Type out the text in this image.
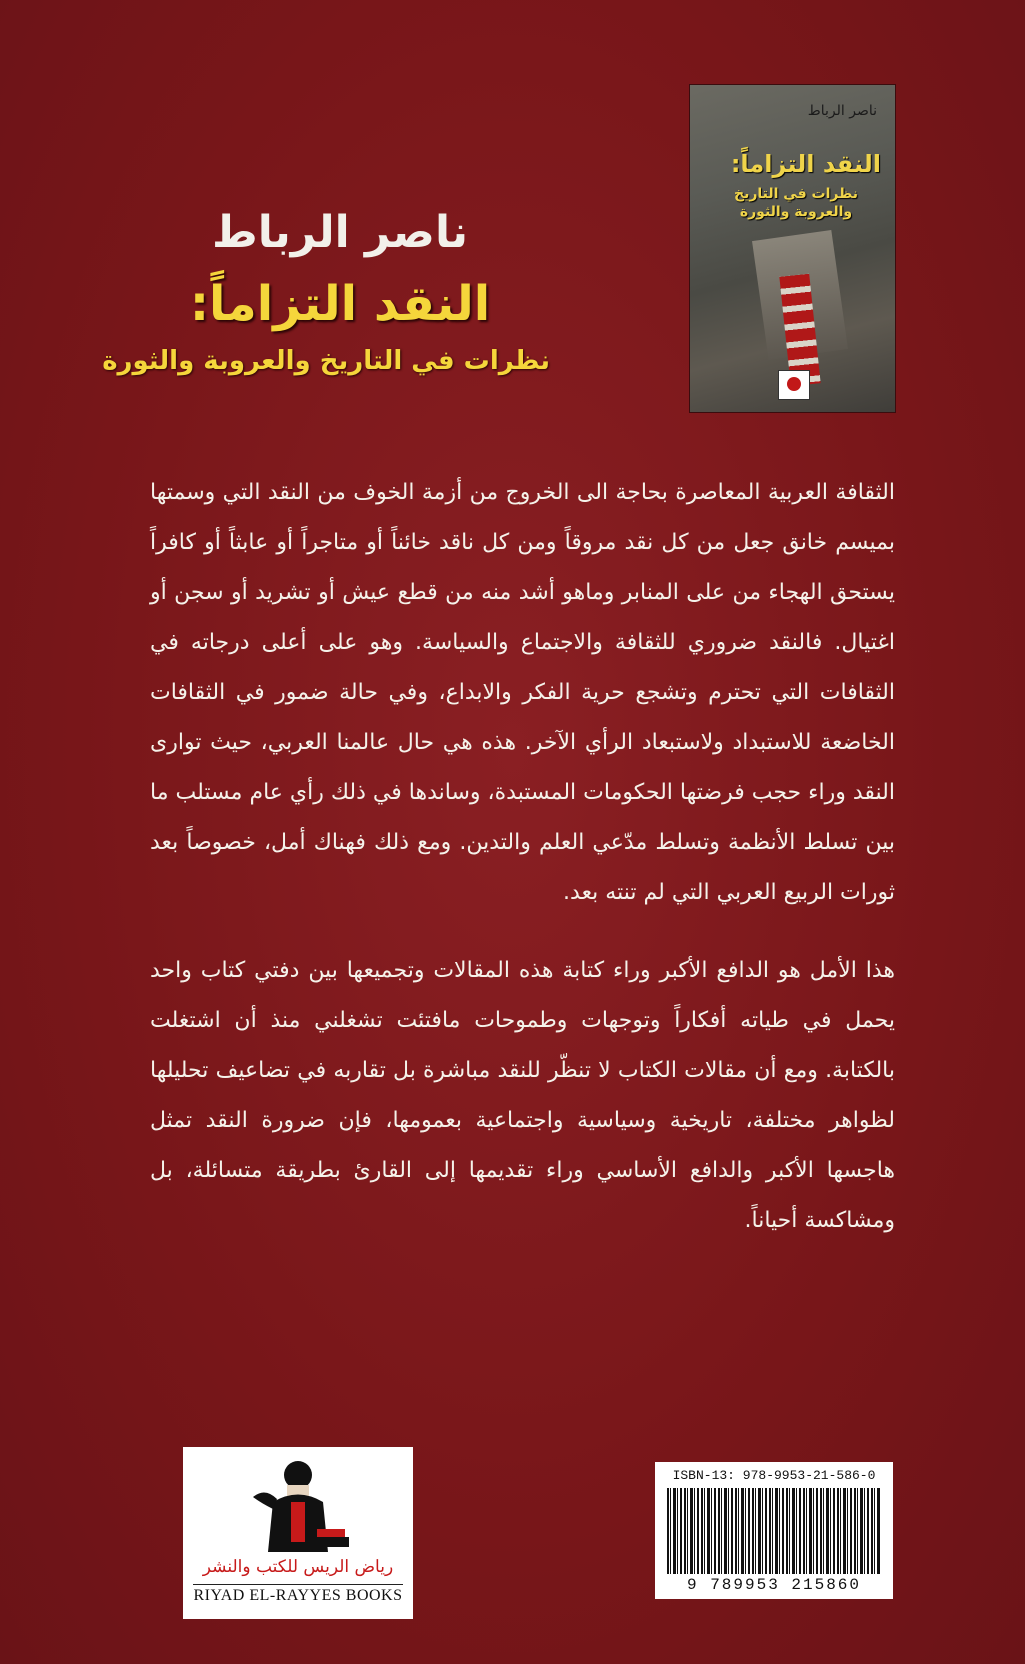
ناصر الرباط
النقد التزاماً:
نظرات في التاريخ والعروبة والثورة
ناصر الرباط
النقد التزاماً:
نظرات في التاريخ والعروبة والثورة

الثقافة العربية المعاصرة بحاجة الى الخروج من أزمة الخوف من النقد التي وسمتها بميسم خانق جعل من كل نقد مروقاً ومن كل ناقد خائناً أو متاجراً أو عابثاً أو كافراً يستحق الهجاء من على المنابر وماهو أشد منه من قطع عيش أو تشريد أو سجن أو اغتيال. فالنقد ضروري للثقافة والاجتماع والسياسة. وهو على أعلى درجاته في الثقافات التي تحترم وتشجع حرية الفكر والابداع، وفي حالة ضمور في الثقافات الخاضعة للاستبداد ولاستبعاد الرأي الآخر. هذه هي حال عالمنا العربي، حيث توارى النقد وراء حجب فرضتها الحكومات المستبدة، وساندها في ذلك رأي عام مستلب ما بين تسلط الأنظمة وتسلط مدّعي العلم والتدين. ومع ذلك فهناك أمل، خصوصاً بعد ثورات الربيع العربي التي لم تنته بعد.

هذا الأمل هو الدافع الأكبر وراء كتابة هذه المقالات وتجميعها بين دفتي كتاب واحد يحمل في طياته أفكاراً وتوجهات وطموحات مافتئت تشغلني منذ أن اشتغلت بالكتابة. ومع أن مقالات الكتاب لا تنظّر للنقد مباشرة بل تقاربه في تضاعيف تحليلها لظواهر مختلفة، تاريخية وسياسية واجتماعية بعمومها، فإن ضرورة النقد تمثل هاجسها الأكبر والدافع الأساسي وراء تقديمها إلى القارئ بطريقة متسائلة، بل ومشاكسة أحياناً.

رياض الريس للكتب والنشر
RIYAD EL-RAYYES BOOKS
ISBN-13: 978-9953-21-586-0
9 789953 215860
